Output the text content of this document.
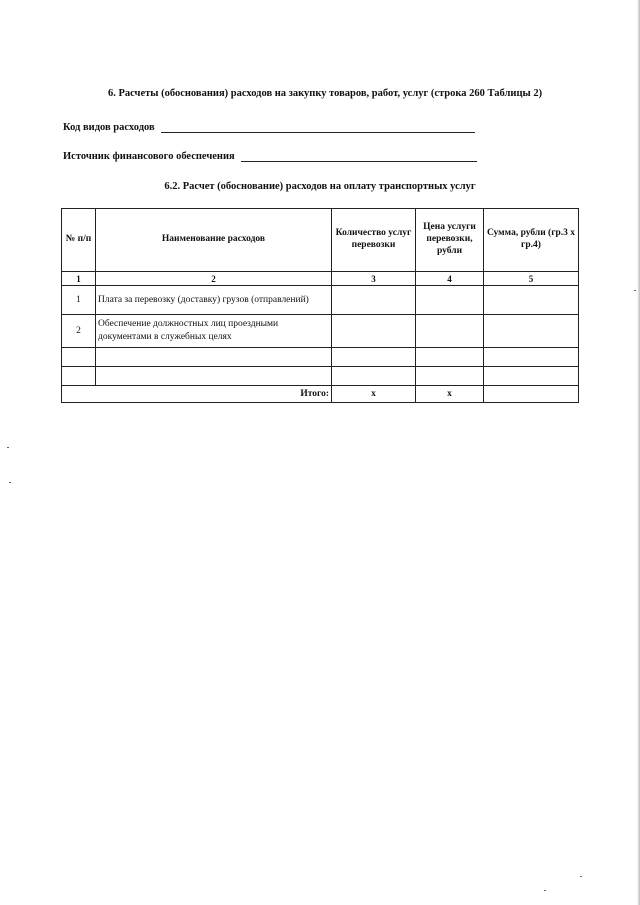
6. Расчеты (обоснования) расходов на закупку товаров, работ, услуг (строка 260 Таблицы 2)
Код видов расходов
Источник финансового обеспечения
6.2. Расчет (обоснование) расходов на оплату транспортных услуг
№ п/п	Наименование расходов	Количество услуг перевозки	Цена услуги перевозки, рубли	Сумма, рубли (гр.3 х гр.4)
1	2	3	4	5
1	Плата за перевозку (доставку) грузов (отправлений)			
2	Обеспечение должностных лиц проездными документами в служебных целях			

Итого:		x	x	
